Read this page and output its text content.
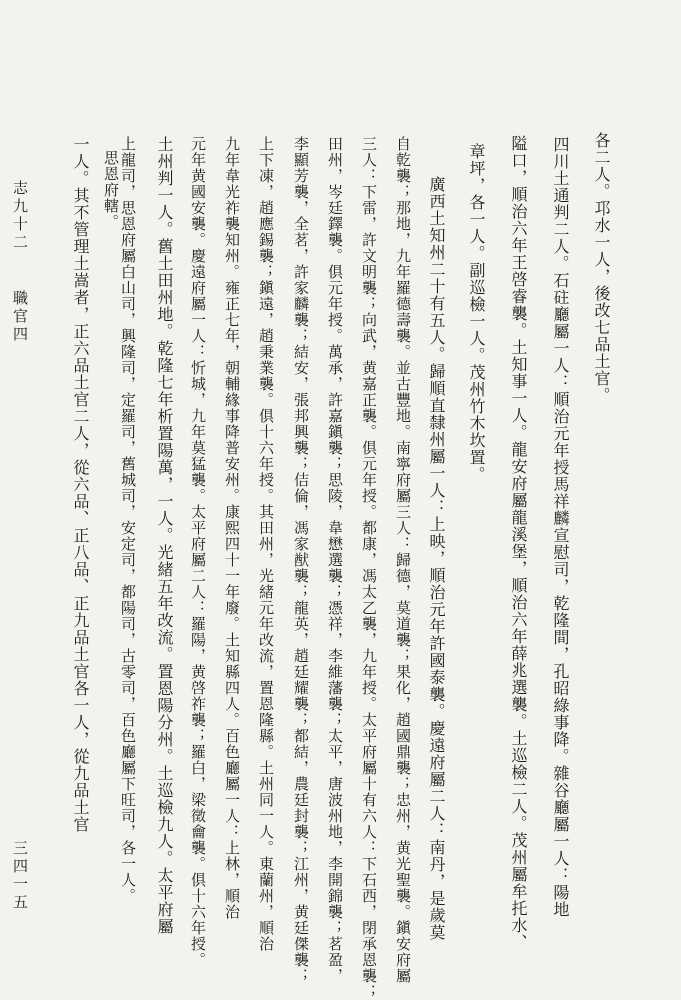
各二人。邛水一人，後改七品土官。
四川土通判二人。石砫廳屬一人：順治元年授馬祥麟宣慰司，乾隆間，孔昭綠事降。雜谷廳屬一人：陽地
隘口，順治六年王啓睿襲。土知事一人。龍安府屬龍溪堡，順治六年薛兆選襲。土巡檢二人。茂州屬牟托水、
章坪，各一人。副巡檢一人。茂州竹木坎置。
廣西土知州二十有五人。歸順直隸州屬一人：上映，順治元年許國泰襲。慶遠府屬二人：南丹，是歲莫
自乾襲；那地，九年羅德壽襲。並古豐地。南寧府屬三人：歸德，莫道襲；果化，趙國鼎襲；忠州，黄光聖襲。鎭安府屬
三人：下雷，許文明襲；向武，黄嘉正襲。俱元年授。都康，馮太乙襲，九年授。太平府屬十有六人：下石西，閉承恩襲；
田州，岑廷鐸襲。俱元年授。萬承，許嘉鎭襲；思陵，韋懋選襲；憑祥，李維藩襲；太平，唐波州地，李開錦襲；茗盈，
李顯芳襲，全茗，許家麟襲；結安，張邦興襲；佶倫，馮家猷襲；龍英，趙廷耀襲；都結，農廷封襲；江州，黄廷傑襲；
上下凍，趙應錫襲；鎭遠，趙秉業襲。俱十六年授。其田州，光緒元年改流，置恩隆縣。土州同一人。東蘭州，順治
九年韋光祚襲知州。雍正七年，朝輔緣事降普安州。康熙四十一年廢。土知縣四人。百色廳屬一人：上林，順治
元年黄國安襲。慶遠府屬一人：忻城，九年莫猛襲。太平府屬二人：羅陽，黄啓祚襲；羅白，梁徵龠襲。俱十六年授。
土州判一人。舊土田州地。乾隆七年析置陽萬，一人。光緒五年改流。置恩陽分州。土巡檢九人。太平府屬
上龍司，思恩府屬白山司，興隆司，定羅司，舊城司，安定司，都陽司，古零司，百色廳屬下旺司，各一人。
思恩府轄。
一人。其不管理土嵩者，正六品土官二人，從六品、正八品、正九品土官各一人，從九品土官
志九十二
職官四
三四一五
